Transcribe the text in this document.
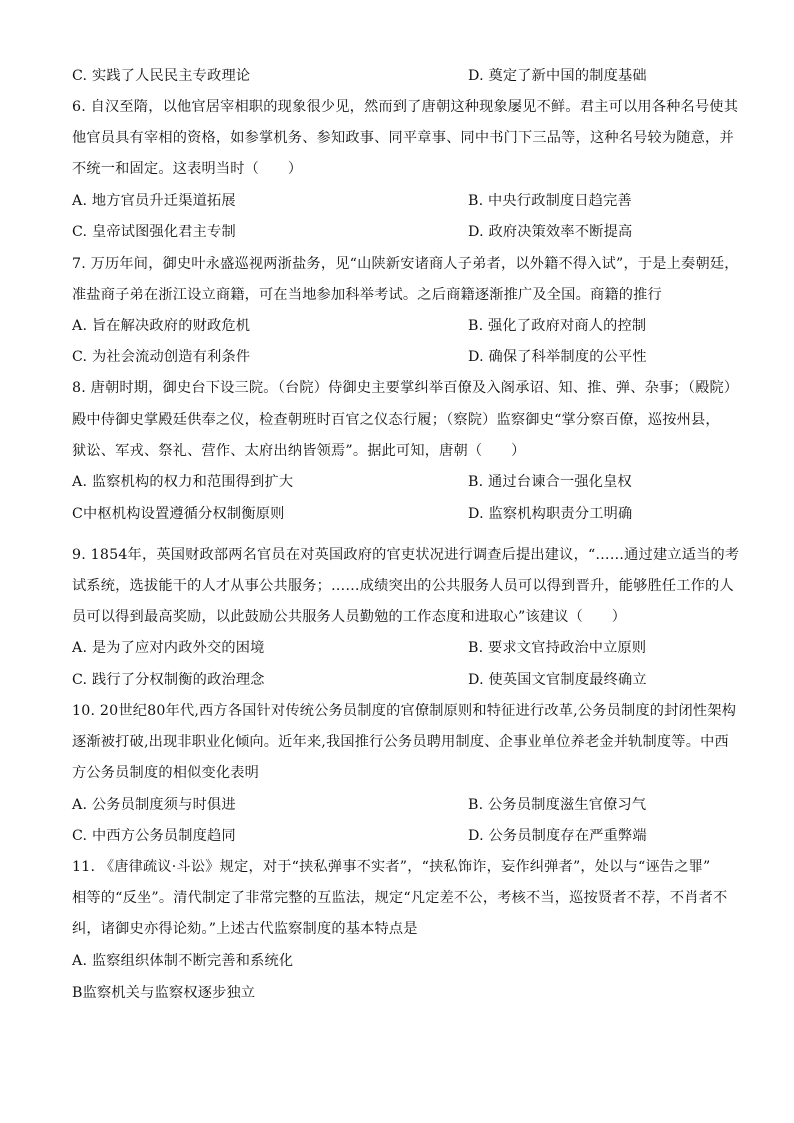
C. 实践了人民民主专政理论	D. 奠定了新中国的制度基础
6. 自汉至隋，以他官居宰相职的现象很少见，然而到了唐朝这种现象屡见不鲜。君主可以用各种名号使其
他官员具有宰相的资格，如参掌机务、参知政事、同平章事、同中书门下三品等，这种名号较为随意，并
不统一和固定。这表明当时（　　）
A. 地方官员升迁渠道拓展	B. 中央行政制度日趋完善
C. 皇帝试图强化君主专制	D. 政府决策效率不断提高
7. 万历年间，御史叶永盛巡视两浙盐务，见“山陕新安诸商人子弟者，以外籍不得入试”，于是上奏朝廷，
准盐商子弟在浙江设立商籍，可在当地参加科举考试。之后商籍逐渐推广及全国。商籍的推行
A. 旨在解决政府的财政危机	B. 强化了政府对商人的控制
C. 为社会流动创造有利条件	D. 确保了科举制度的公平性
8. 唐朝时期，御史台下设三院。（台院）侍御史主要掌纠举百僚及入阁承诏、知、推、弹、杂事；（殿院）
殿中侍御史掌殿廷供奉之仪，检查朝班时百官之仪态行履；（察院）监察御史“掌分察百僚，巡按州县，
狱讼、军戎、祭礼、营作、太府出纳皆领焉”。据此可知，唐朝（　　）
A. 监察机构的权力和范围得到扩大	B. 通过台谏合一强化皇权
C中枢机构设置遵循分权制衡原则	D. 监察机构职责分工明确
9. 1854年，英国财政部两名官员在对英国政府的官吏状况进行调查后提出建议，“……通过建立适当的考
试系统，选拔能干的人才从事公共服务；……成绩突出的公共服务人员可以得到晋升，能够胜任工作的人
员可以得到最高奖励，以此鼓励公共服务人员勤勉的工作态度和进取心”该建议（　　）
A. 是为了应对内政外交的困境	B. 要求文官持政治中立原则
C. 践行了分权制衡的政治理念	D. 使英国文官制度最终确立
10. 20世纪80年代,西方各国针对传统公务员制度的官僚制原则和特征进行改革,公务员制度的封闭性架构
逐渐被打破,出现非职业化倾向。近年来,我国推行公务员聘用制度、企事业单位养老金并轨制度等。中西
方公务员制度的相似变化表明
A. 公务员制度须与时俱进	B. 公务员制度滋生官僚习气
C. 中西方公务员制度趋同	D. 公务员制度存在严重弊端
11. 《唐律疏议·斗讼》规定，对于“挟私弹事不实者”，“挟私饰诈，妄作纠弹者”，处以与“诬告之罪”
相等的“反坐”。清代制定了非常完整的互监法，规定“凡定差不公，考核不当，巡按贤者不荐，不肖者不
纠，诸御史亦得论劾。”上述古代监察制度的基本特点是
A. 监察组织体制不断完善和系统化
B监察机关与监察权逐步独立
